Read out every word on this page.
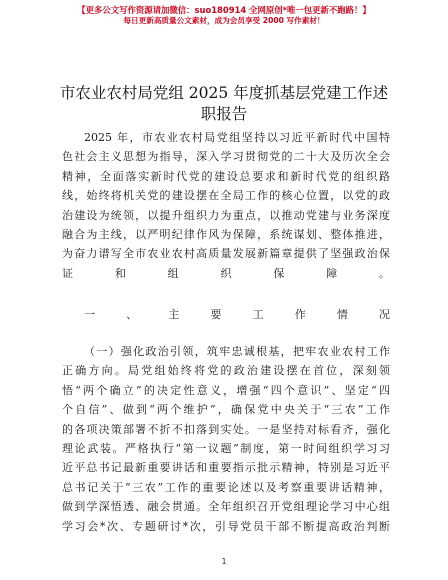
【更多公文写作资源请加微信：suo180914 全网原创*唯一包更新不跑路！】
每日更新高质量公文素材，成为会员享受 2000 写作素材！
市农业农村局党组 2025 年度抓基层党建工作述
职报告
2025 年，市农业农村局党组坚持以习近平新时代中国特
色社会主义思想为指导，深入学习贯彻党的二十大及历次全会
精神，全面落实新时代党的建设总要求和新时代党的组织路
线，始终将机关党的建设摆在全局工作的核心位置，以党的政
治建设为统领，以提升组织力为重点，以推动党建与业务深度
融合为主线，以严明纪律作风为保障，系统谋划、整体推进，
为奋力谱写全市农业农村高质量发展新篇章提供了坚强政治保
证和组织保障。
一、主要工作情况
（一）强化政治引领，筑牢忠诚根基，把牢农业农村工作
正确方向。局党组始终将党的政治建设摆在首位，深刻领
悟“两个确立”的决定性意义，增强“四个意识”、坚定“四
个自信”、做到“两个维护”，确保党中央关于“三农”工作
的各项决策部署不折不扣落到实处。一是坚持对标看齐，强化
理论武装。严格执行“第一议题”制度，第一时间组织学习习
近平总书记最新重要讲话和重要指示批示精神，特别是习近平
总书记关于“三农”工作的重要论述以及考察重要讲话精神，
做到学深悟透、融会贯通。全年组织召开党组理论学习中心组
学习会*次、专题研讨*次，引导党员干部不断提高政治判断
1
